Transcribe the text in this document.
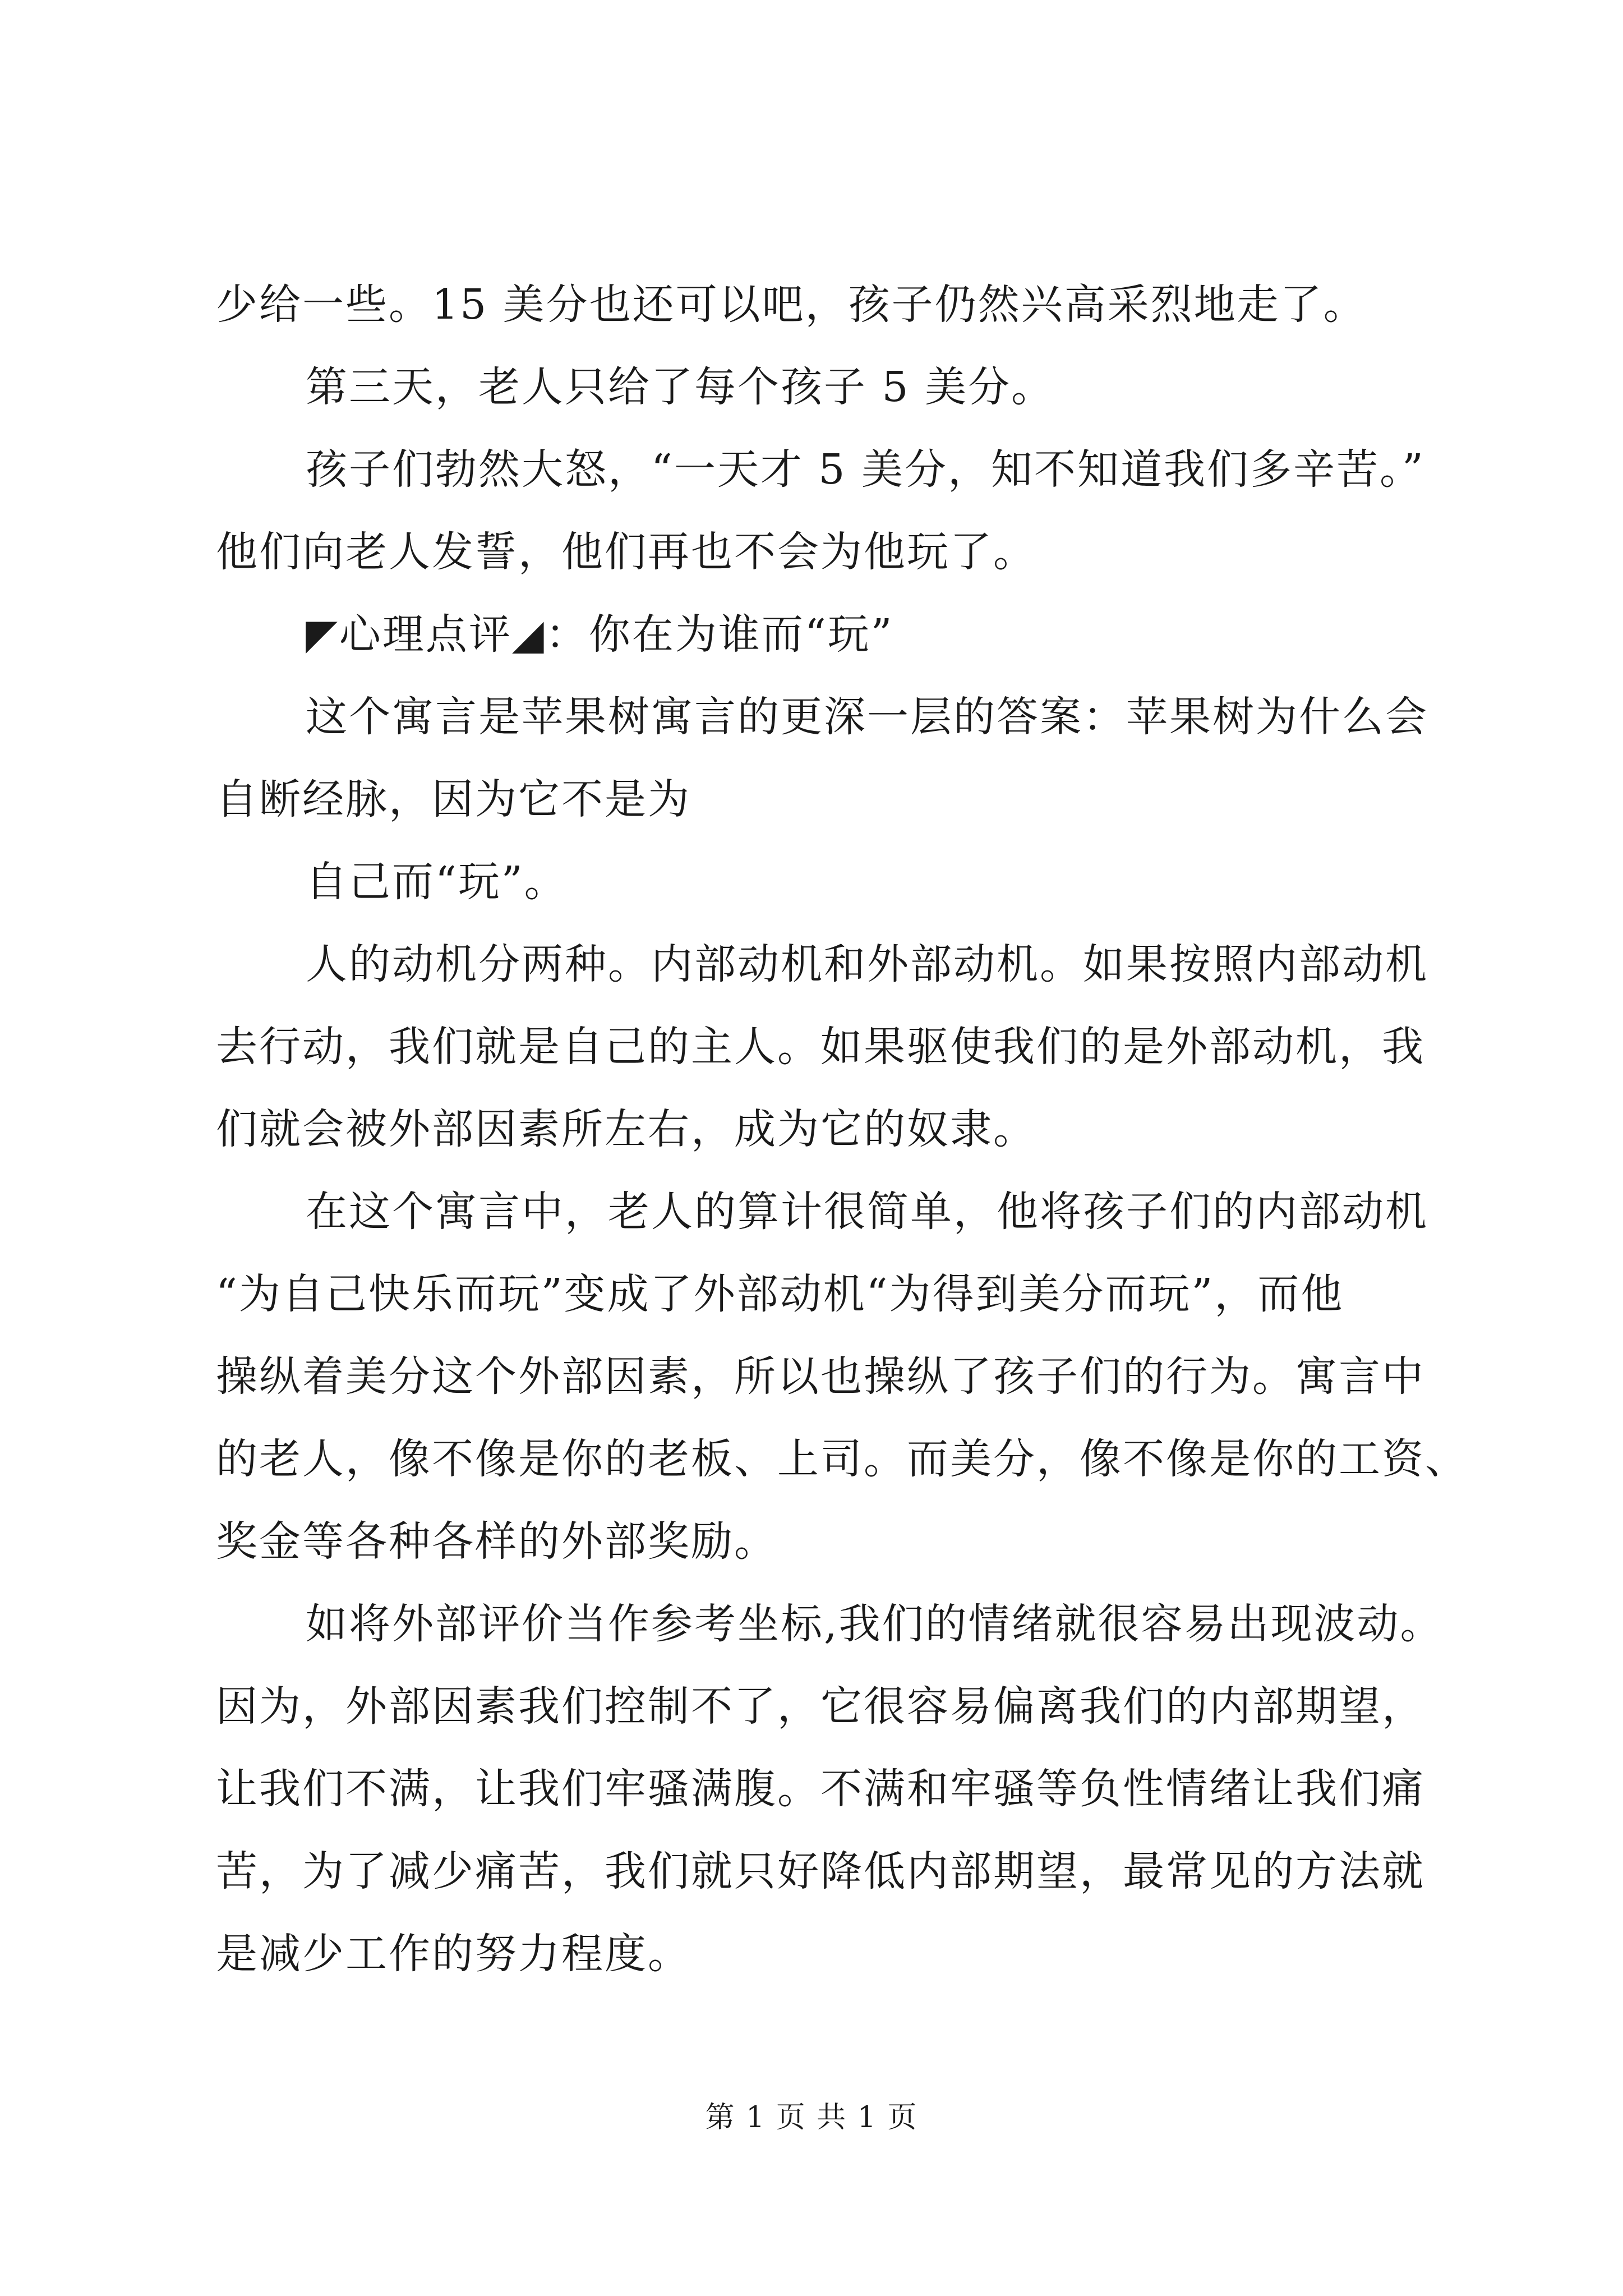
少给一些。15 美分也还可以吧，孩子仍然兴高采烈地走了。
第三天，老人只给了每个孩子 5 美分。
孩子们勃然大怒，“一天才 5 美分，知不知道我们多辛苦。”
他们向老人发誓，他们再也不会为他玩了。
◤心理点评◢：你在为谁而“玩”
这个寓言是苹果树寓言的更深一层的答案：苹果树为什么会
自断经脉，因为它不是为
自己而“玩”。
人的动机分两种。内部动机和外部动机。如果按照内部动机
去行动，我们就是自己的主人。如果驱使我们的是外部动机，我
们就会被外部因素所左右，成为它的奴隶。
在这个寓言中，老人的算计很简单，他将孩子们的内部动机
“为自己快乐而玩”变成了外部动机“为得到美分而玩”，而他
操纵着美分这个外部因素，所以也操纵了孩子们的行为。寓言中
的老人，像不像是你的老板、上司。而美分，像不像是你的工资、
奖金等各种各样的外部奖励。
如将外部评价当作参考坐标,我们的情绪就很容易出现波动。
因为，外部因素我们控制不了，它很容易偏离我们的内部期望，
让我们不满，让我们牢骚满腹。不满和牢骚等负性情绪让我们痛
苦，为了减少痛苦，我们就只好降低内部期望，最常见的方法就
是减少工作的努力程度。
第 1 页 共 1 页
